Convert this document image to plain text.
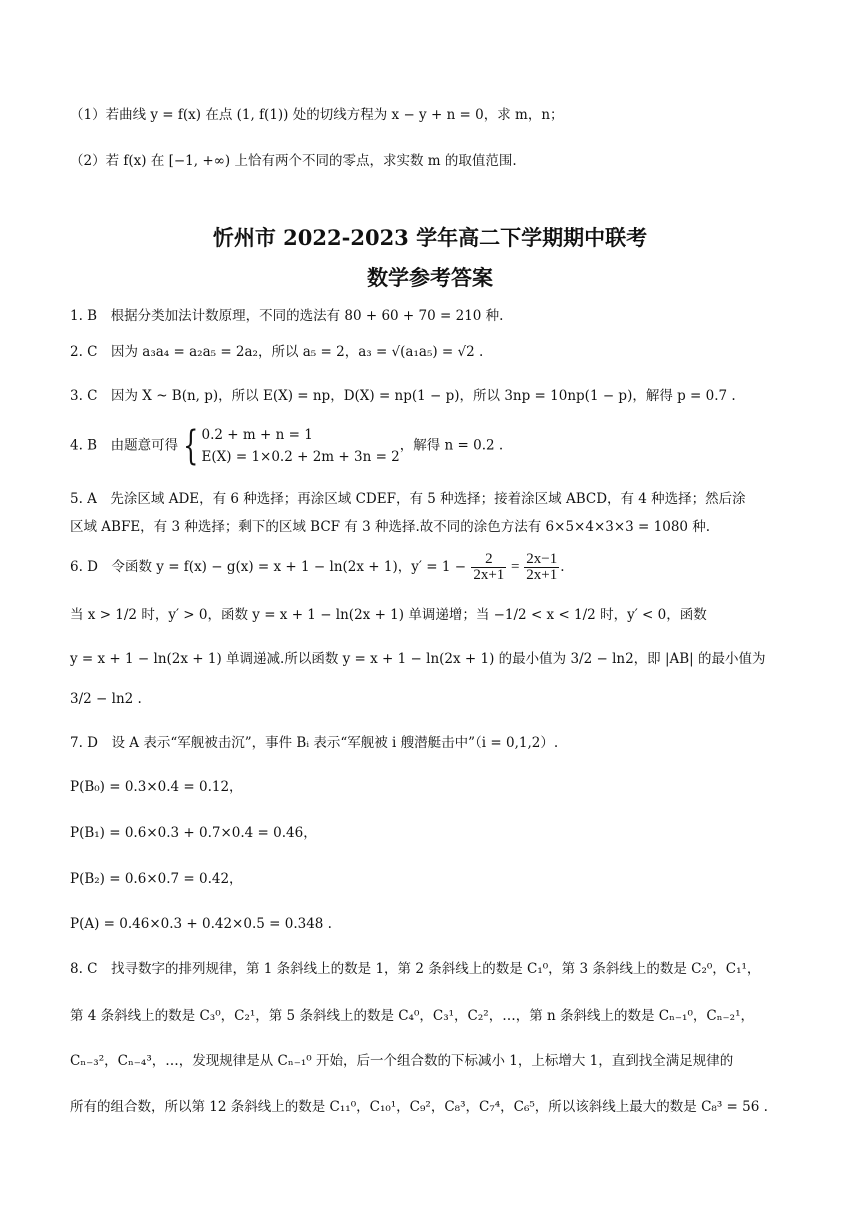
（1）若曲线 y = f(x) 在点 (1, f(1)) 处的切线方程为 x − y + n = 0，求 m，n；
（2）若 f(x) 在 [−1, +∞) 上恰有两个不同的零点，求实数 m 的取值范围.
忻州市 2022-2023 学年高二下学期期中联考
数学参考答案
1. B　根据分类加法计数原理，不同的选法有 80 + 60 + 70 = 210 种.
2. C　因为 a₃a₄ = a₂a₅ = 2a₂，所以 a₅ = 2，a₃ = √(a₁a₅) = √2 .
3. C　因为 X ~ B(n, p)，所以 E(X) = np，D(X) = np(1 − p)，所以 3np = 10np(1 − p)，解得 p = 0.7 .
4. B　由题意可得 { 0.2 + m + n = 1
E(X) = 1×0.2 + 2m + 3n = 2
，解得 n = 0.2 .
5. A　先涂区域 ADE，有 6 种选择；再涂区域 CDEF，有 5 种选择；接着涂区域 ABCD，有 4 种选择；然后涂
区域 ABFE，有 3 种选择；剩下的区域 BCF 有 3 种选择.故不同的涂色方法有 6×5×4×3×3 = 1080 种.
6. D　令函数 y = f(x) − g(x) = x + 1 − ln(2x + 1)，$y' = 1 - \frac{2}{2x+1} = \frac{2x-1}{2x+1}$ .
当 x > 1/2 时，y′ > 0，函数 y = x + 1 − ln(2x + 1) 单调递增；当 −1/2 < x < 1/2 时，y′ < 0，函数
y = x + 1 − ln(2x + 1) 单调递减.所以函数 y = x + 1 − ln(2x + 1) 的最小值为 3/2 − ln2，即 |AB| 的最小值为
3/2 − ln2 .
7. D　设 A 表示“军舰被击沉”，事件 Bᵢ 表示“军舰被 i 艘潜艇击中”（i = 0,1,2）.
P(B₀) = 0.3×0.4 = 0.12，
P(B₁) = 0.6×0.3 + 0.7×0.4 = 0.46，
P(B₂) = 0.6×0.7 = 0.42，
P(A) = 0.46×0.3 + 0.42×0.5 = 0.348 .
8. C　找寻数字的排列规律，第 1 条斜线上的数是 1，第 2 条斜线上的数是 C₁⁰，第 3 条斜线上的数是 C₂⁰，C₁¹，
第 4 条斜线上的数是 C₃⁰，C₂¹，第 5 条斜线上的数是 C₄⁰，C₃¹，C₂²，…，第 n 条斜线上的数是 Cₙ₋₁⁰，Cₙ₋₂¹，
Cₙ₋₃²，Cₙ₋₄³，…，发现规律是从 Cₙ₋₁⁰ 开始，后一个组合数的下标减小 1，上标增大 1，直到找全满足规律的
所有的组合数，所以第 12 条斜线上的数是 C₁₁⁰，C₁₀¹，C₉²，C₈³，C₇⁴，C₆⁵，所以该斜线上最大的数是 C₈³ = 56 .
